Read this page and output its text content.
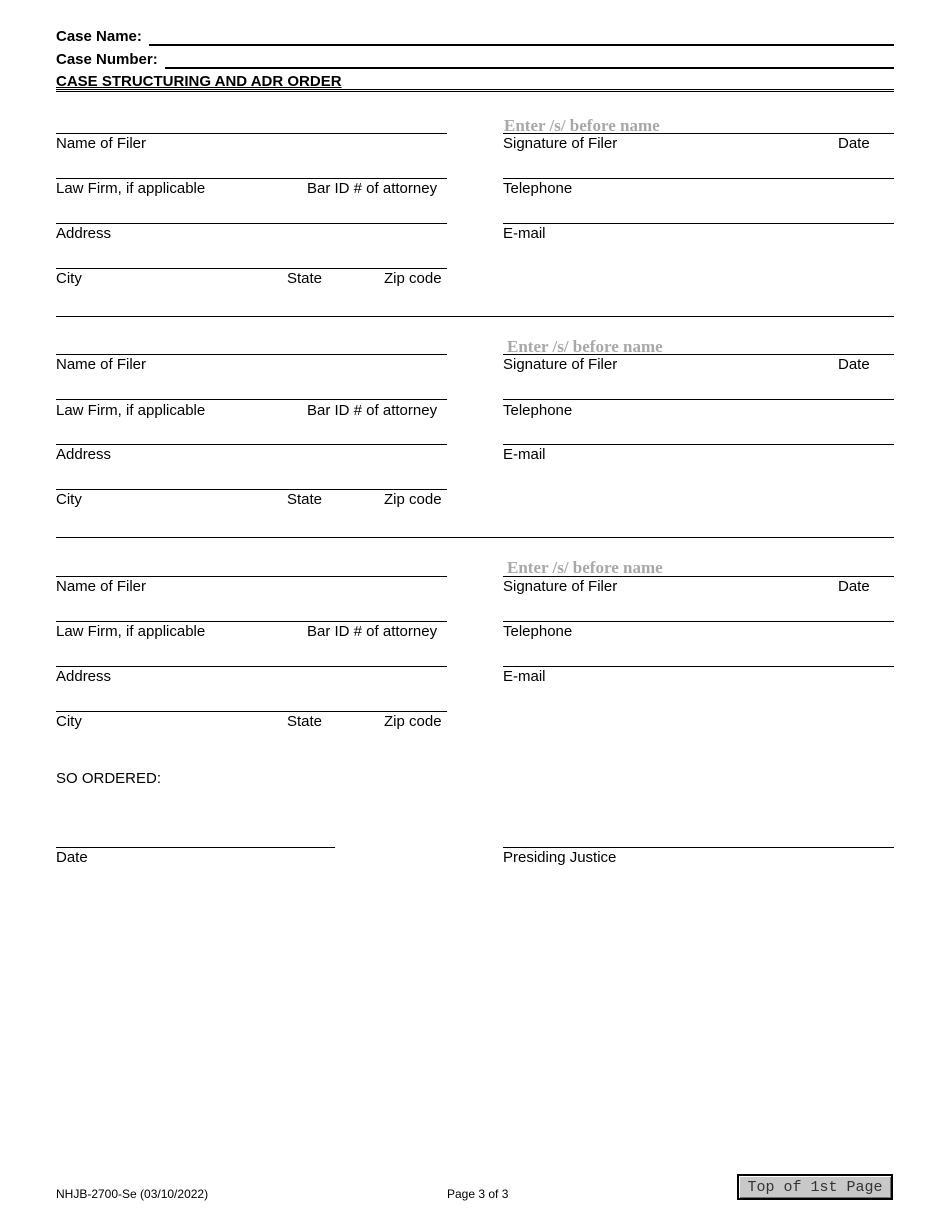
Case Name:
Case Number:
CASE STRUCTURING AND ADR ORDER
Name of Filer
Law Firm, if applicable	Bar ID # of attorney
Address
City	State	Zip code
Enter /s/ before name
Signature of Filer	Date
Telephone
E-mail
Name of Filer
Law Firm, if applicable	Bar ID # of attorney
Address
City	State	Zip code
Enter /s/ before name
Signature of Filer	Date
Telephone
E-mail
Name of Filer
Law Firm, if applicable	Bar ID # of attorney
Address
City	State	Zip code
Enter /s/ before name
Signature of Filer	Date
Telephone
E-mail
SO ORDERED:
Date	Presiding Justice
NHJB-2700-Se (03/10/2022)	Page 3 of 3	Top of 1st Page
